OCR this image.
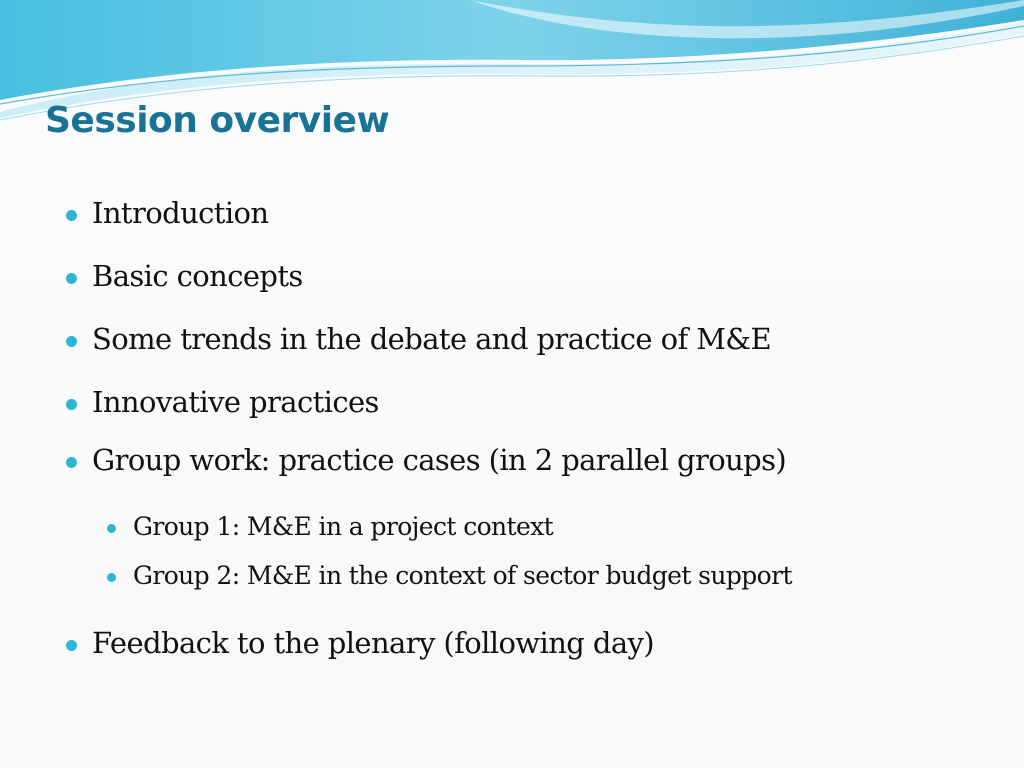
Session overview
Introduction
Basic concepts
Some trends in the debate and practice of M&E
Innovative practices
Group work: practice cases (in 2 parallel groups)
Group 1: M&E in a project context
Group 2: M&E in the context of sector budget support
Feedback to the plenary (following day)
